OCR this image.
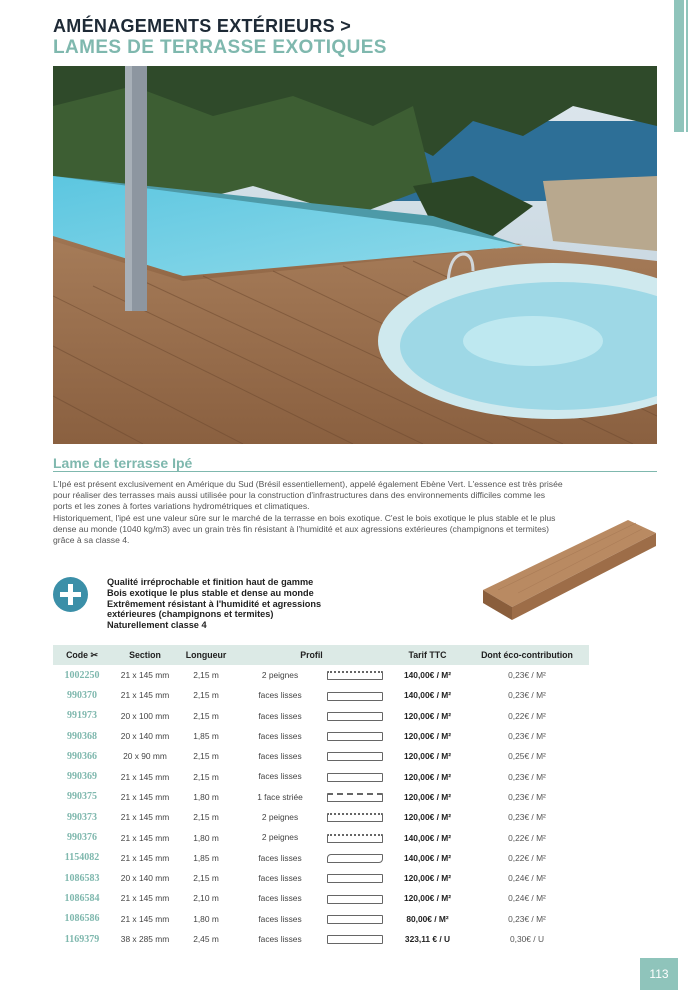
AMÉNAGEMENTS EXTÉRIEURS >
LAMES DE TERRASSE EXOTIQUES
Lame de terrasse Ipé

L'Ipé est présent exclusivement en Amérique du Sud (Brésil essentiellement), appelé également Ebène Vert. L'essence est très prisée pour réaliser des terrasses mais aussi utilisée pour la construction d'infrastructures dans des environnements difficiles comme les ports et les zones à fortes variations hydrométriques et climatiques.

Historiquement, l'ipé est une valeur sûre sur le marché de la terrasse en bois exotique. C'est le bois exotique le plus stable et le plus dense au monde (1040 kg/m3) avec un grain très fin résistant à l'humidité et aux agressions extérieures (champignons et termites) grâce à sa classe 4.

Qualité irréprochable et finition haut de gamme
Bois exotique le plus stable et dense au monde
Extrêmement résistant à l'humidité et agressions
extérieures (champignons et termites)
Naturellement classe 4
Code ✂	Section	Longueur	Profil	Tarif TTC	Dont éco-contribution
1002250	21 x 145 mm	2,15 m	2 peignes	140,00€ / M²	0,23€ / M²
990370	21 x 145 mm	2,15 m	faces lisses	140,00€ / M²	0,23€ / M²
991973	20 x 100 mm	2,15 m	faces lisses	120,00€ / M²	0,22€ / M²
990368	20 x 140 mm	1,85 m	faces lisses	120,00€ / M²	0,23€ / M²
990366	20 x 90 mm	2,15 m	faces lisses	120,00€ / M²	0,25€ / M²
990369	21 x 145 mm	2,15 m	faces lisses	120,00€ / M²	0,23€ / M²
990375	21 x 145 mm	1,80 m	1 face striée	120,00€ / M²	0,23€ / M²
990373	21 x 145 mm	2,15 m	2 peignes	120,00€ / M²	0,23€ / M²
990376	21 x 145 mm	1,80 m	2 peignes	140,00€ / M²	0,22€ / M²
1154082	21 x 145 mm	1,85 m	faces lisses	140,00€ / M²	0,22€ / M²
1086583	20 x 140 mm	2,15 m	faces lisses	120,00€ / M²	0,24€ / M²
1086584	21 x 145 mm	2,10 m	faces lisses	120,00€ / M²	0,24€ / M²
1086586	21 x 145 mm	1,80 m	faces lisses	80,00€ / M²	0,23€ / M²
1169379	38 x 285 mm	2,45 m	faces lisses	323,11 € / U	0,30€ / U
113
